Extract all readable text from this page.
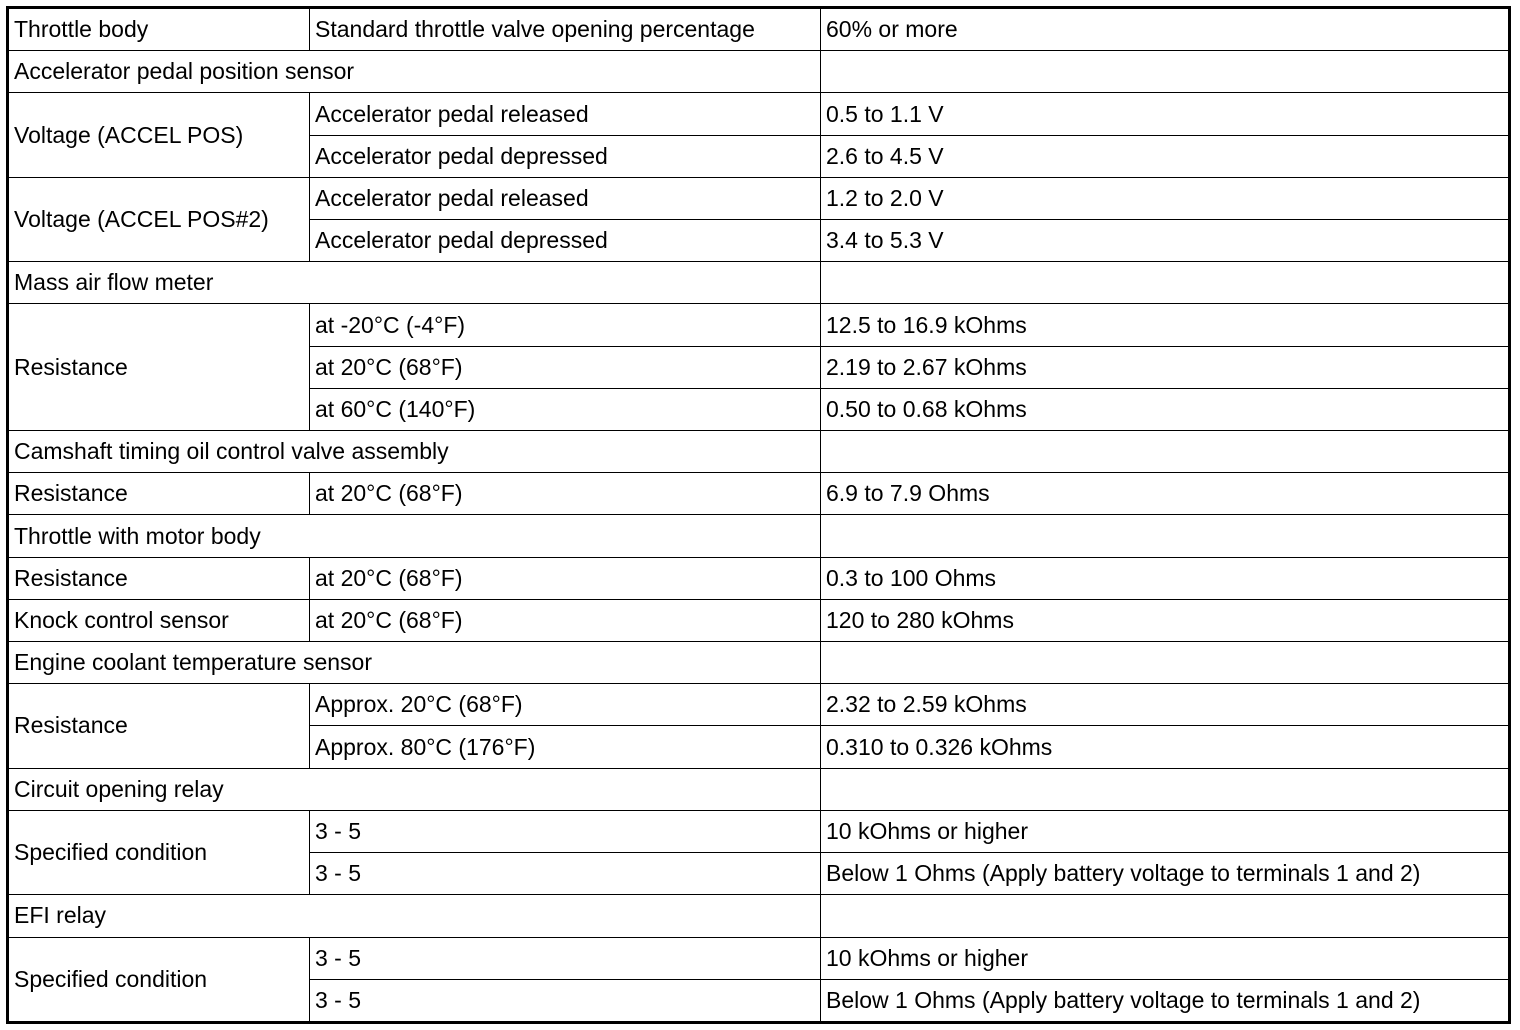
Throttle body	Standard throttle valve opening percentage	60% or more
Accelerator pedal position sensor		
Voltage (ACCEL POS)	Accelerator pedal released	0.5 to 1.1 V
	Accelerator pedal depressed	2.6 to 4.5 V
Voltage (ACCEL POS#2)	Accelerator pedal released	1.2 to 2.0 V
	Accelerator pedal depressed	3.4 to 5.3 V
Mass air flow meter		
Resistance	at -20°C (-4°F)	12.5 to 16.9 kOhms
	at 20°C (68°F)	2.19 to 2.67 kOhms
	at 60°C (140°F)	0.50 to 0.68 kOhms
Camshaft timing oil control valve assembly		
Resistance	at 20°C (68°F)	6.9 to 7.9 Ohms
Throttle with motor body		
Resistance	at 20°C (68°F)	0.3 to 100 Ohms
Knock control sensor	at 20°C (68°F)	120 to 280 kOhms
Engine coolant temperature sensor		
Resistance	Approx. 20°C (68°F)	2.32 to 2.59 kOhms
	Approx. 80°C (176°F)	0.310 to 0.326 kOhms
Circuit opening relay		
Specified condition	3 - 5	10 kOhms or higher
	3 - 5	Below 1 Ohms (Apply battery voltage to terminals 1 and 2)
EFI relay		
Specified condition	3 - 5	10 kOhms or higher
	3 - 5	Below 1 Ohms (Apply battery voltage to terminals 1 and 2)
